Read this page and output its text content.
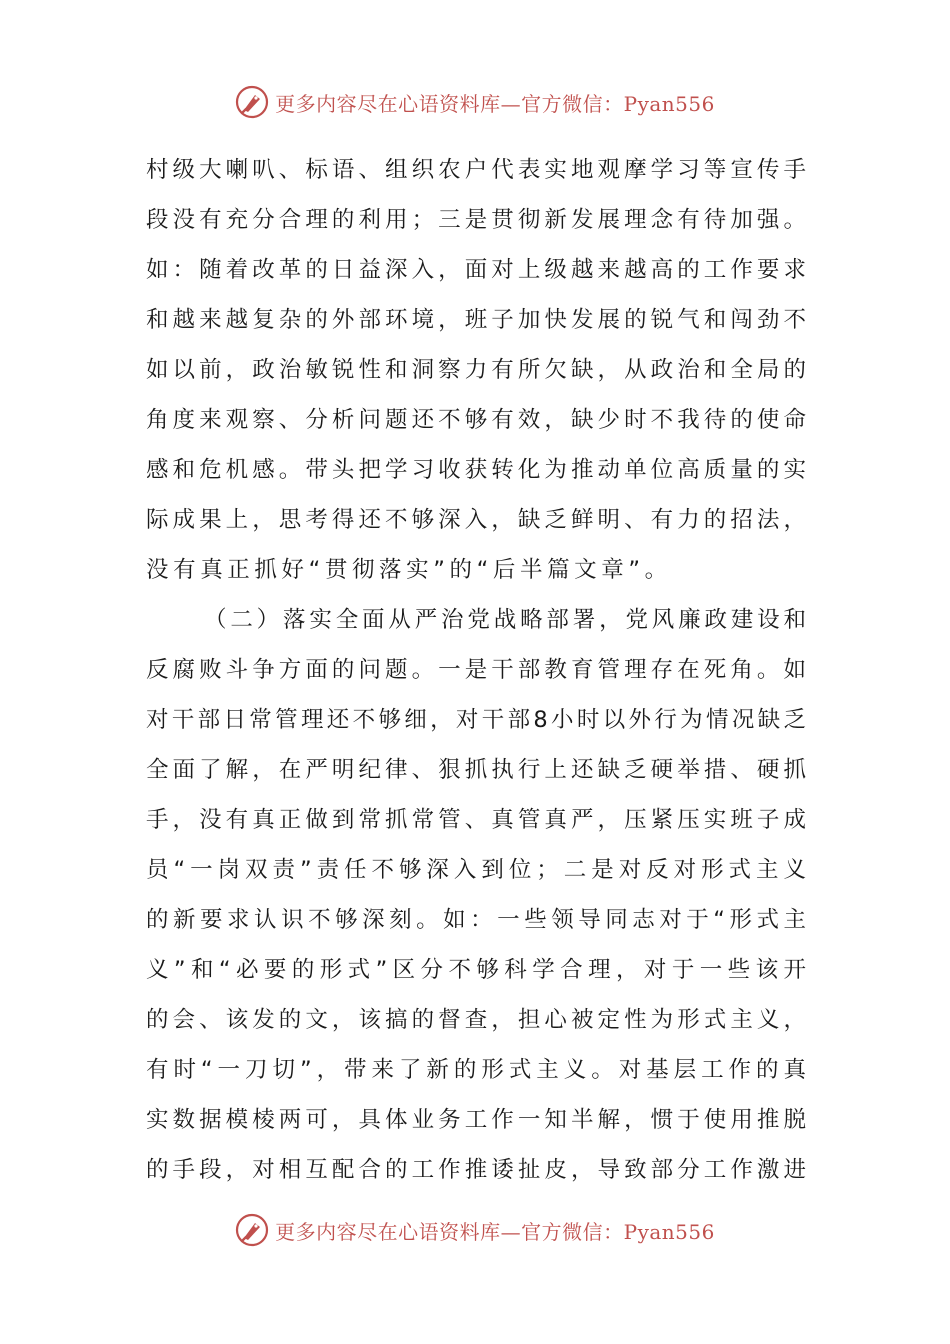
更多内容尽在心语资料库—官方微信：Pyan556
村级大喇叭、标语、组织农户代表实地观摩学习等宣传手
段没有充分合理的利用；三是贯彻新发展理念有待加强。
如：随着改革的日益深入，面对上级越来越高的工作要求
和越来越复杂的外部环境，班子加快发展的锐气和闯劲不
如以前，政治敏锐性和洞察力有所欠缺，从政治和全局的
角度来观察、分析问题还不够有效，缺少时不我待的使命
感和危机感。带头把学习收获转化为推动单位高质量的实
际成果上，思考得还不够深入，缺乏鲜明、有力的招法，
没有真正抓好“贯彻落实”的“后半篇文章”。
（二）落实全面从严治党战略部署，党风廉政建设和
反腐败斗争方面的问题。一是干部教育管理存在死角。如
对干部日常管理还不够细，对干部8小时以外行为情况缺乏
全面了解，在严明纪律、狠抓执行上还缺乏硬举措、硬抓
手，没有真正做到常抓常管、真管真严，压紧压实班子成
员“一岗双责”责任不够深入到位；二是对反对形式主义
的新要求认识不够深刻。如：一些领导同志对于“形式主
义”和“必要的形式”区分不够科学合理，对于一些该开
的会、该发的文，该搞的督查，担心被定性为形式主义，
有时“一刀切”，带来了新的形式主义。对基层工作的真
实数据模棱两可，具体业务工作一知半解，惯于使用推脱
的手段，对相互配合的工作推诿扯皮，导致部分工作激进
更多内容尽在心语资料库—官方微信：Pyan556
